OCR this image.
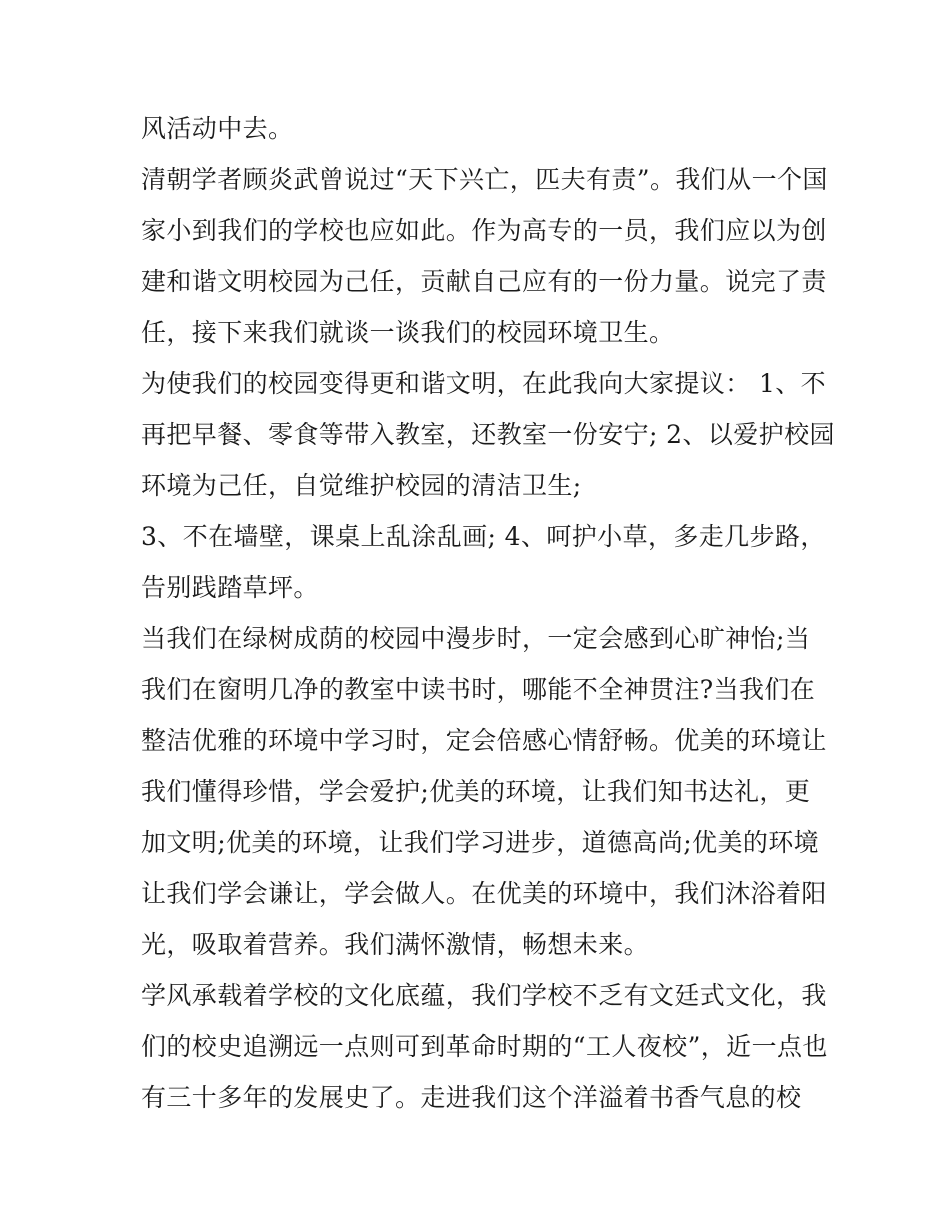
风活动中去。

清朝学者顾炎武曾说过“天下兴亡，匹夫有责”。我们从一个国

家小到我们的学校也应如此。作为高专的一员，我们应以为创

建和谐文明校园为己任，贡献自己应有的一份力量。说完了责

任，接下来我们就谈一谈我们的校园环境卫生。

为使我们的校园变得更和谐文明，在此我向大家提议： 1、不

再把早餐、零食等带入教室，还教室一份安宁; 2、以爱护校园

环境为己任，自觉维护校园的清洁卫生;

3、不在墙壁，课桌上乱涂乱画; 4、呵护小草，多走几步路，

告别践踏草坪。

当我们在绿树成荫的校园中漫步时，一定会感到心旷神怡;当

我们在窗明几净的教室中读书时，哪能不全神贯注?当我们在

整洁优雅的环境中学习时，定会倍感心情舒畅。优美的环境让

我们懂得珍惜，学会爱护;优美的环境，让我们知书达礼，更

加文明;优美的环境，让我们学习进步，道德高尚;优美的环境

让我们学会谦让，学会做人。在优美的环境中，我们沐浴着阳

光，吸取着营养。我们满怀激情，畅想未来。

学风承载着学校的文化底蕴，我们学校不乏有文廷式文化，我

们的校史追溯远一点则可到革命时期的“工人夜校”，近一点也

有三十多年的发展史了。走进我们这个洋溢着书香气息的校
